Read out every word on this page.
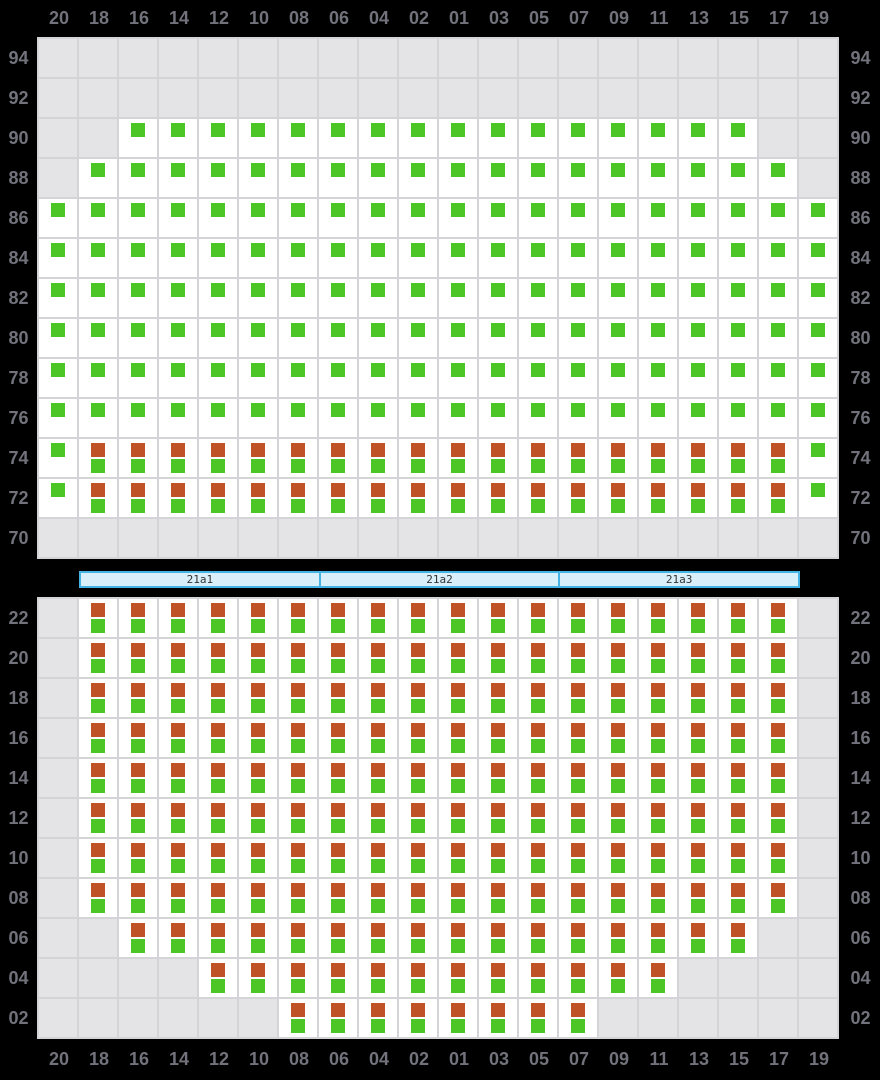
20	18	16	14	12	10	08	06	04	02	01	03	05	07	09	11	13	15	17	19
21a1	21a2	21a3
20	18	16	14	12	10	08	06	04	02	01	03	05	07	09	11	13	15	17	19
94	94
92	92
90	90
88	88
86	86
84	84
82	82
80	80
78	78
76	76
74	74
72	72
70	70
22	22
20	20
18	18
16	16
14	14
12	12
10	10
08	08
06	06
04	04
02	02
